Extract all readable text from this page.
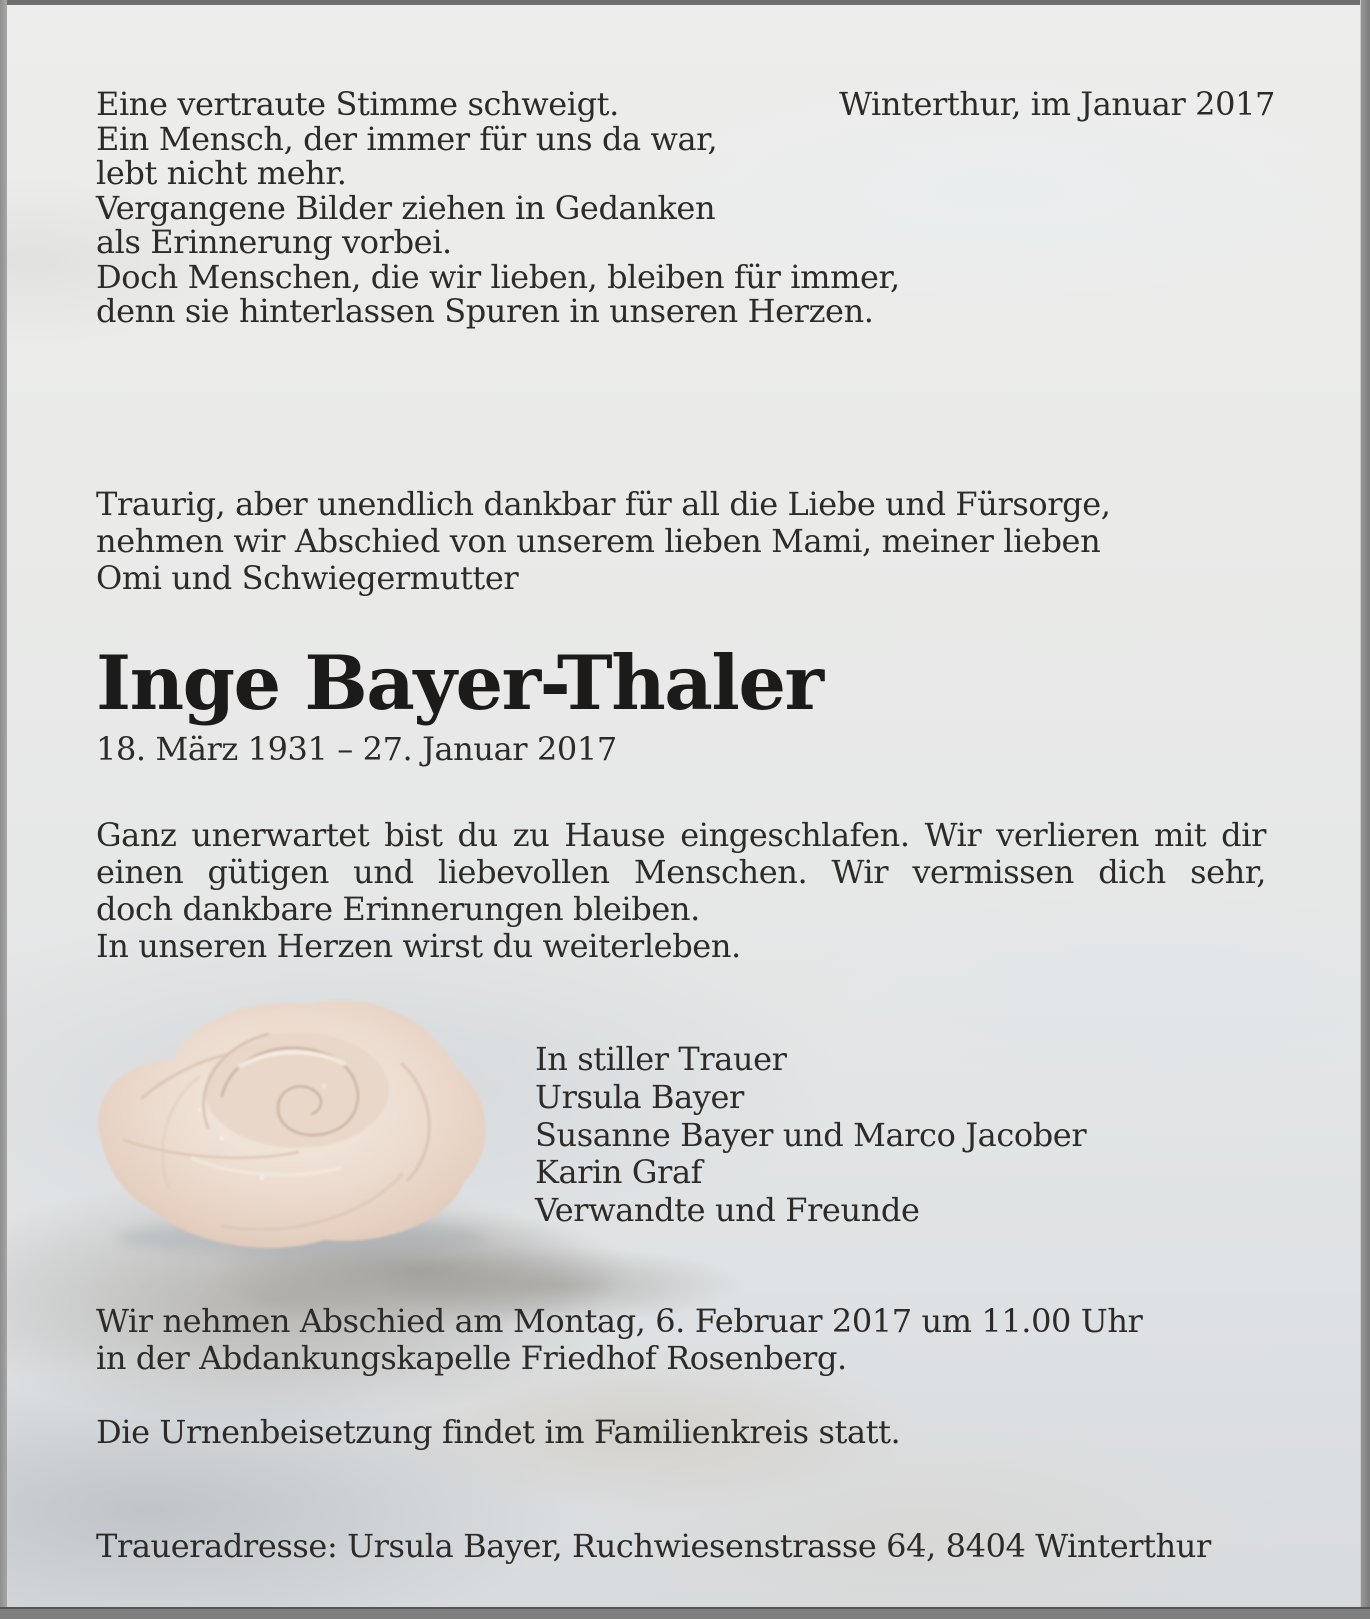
Eine vertraute Stimme schweigt.
Ein Mensch, der immer für uns da war,
lebt nicht mehr.
Vergangene Bilder ziehen in Gedanken
als Erinnerung vorbei.
Doch Menschen, die wir lieben, bleiben für immer,
denn sie hinterlassen Spuren in unseren Herzen.
Winterthur, im Januar 2017
Traurig, aber unendlich dankbar für all die Liebe und Fürsorge,
nehmen wir Abschied von unserem lieben Mami, meiner lieben
Omi und Schwiegermutter
Inge Bayer-Thaler
18. März 1931 – 27. Januar 2017
Ganz unerwartet bist du zu Hause eingeschlafen. Wir verlieren mit dir
einen gütigen und liebevollen Menschen. Wir vermissen dich sehr,
doch dankbare Erinnerungen bleiben.
In unseren Herzen wirst du weiterleben.
In stiller Trauer
Ursula Bayer
Susanne Bayer und Marco Jacober
Karin Graf
Verwandte und Freunde
Wir nehmen Abschied am Montag, 6. Februar 2017 um 11.00 Uhr
in der Abdankungskapelle Friedhof Rosenberg.
Die Urnenbeisetzung findet im Familienkreis statt.
Traueradresse: Ursula Bayer, Ruchwiesenstrasse 64, 8404 Winterthur
